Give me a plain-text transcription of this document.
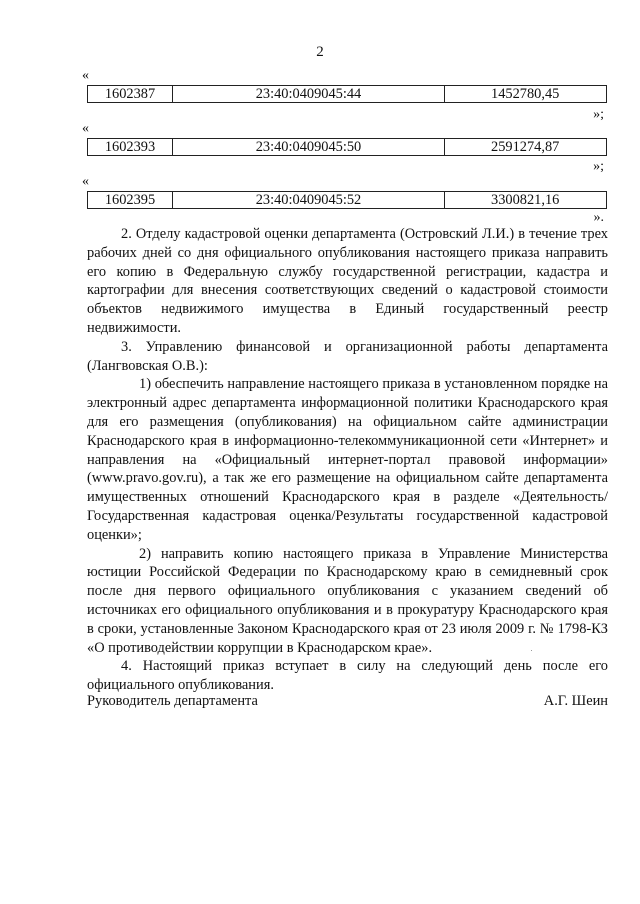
2
«
1602387	23:40:0409045:44	1452780,45
»;
«
1602393	23:40:0409045:50	2591274,87
»;
«
1602395	23:40:0409045:52	3300821,16
».

2. Отделу кадастровой оценки департамента (Островский Л.И.) в течение трех рабочих дней со дня официального опубликования настоящего приказа направить его копию в Федеральную службу государственной регистрации, кадастра и картографии для внесения соответствующих сведений о кадастровой стоимости объектов недвижимого имущества в Единый государственный реестр недвижимости.

3. Управлению финансовой и организационной работы департамента (Лангвовская О.В.):

1) обеспечить направление настоящего приказа в установленном порядке на электронный адрес департамента информационной политики Краснодарского края для его размещения (опубликования) на официальном сайте администрации Краснодарского края в информационно-телекоммуникационной сети «Интернет» и направления на «Официальный интернет-портал правовой информации» (www.pravo.gov.ru), а так же его размещение на официальном сайте департамента имущественных отношений Краснодарского края в разделе «Деятельность/Государственная кадастровая оценка/Результаты государственной кадастровой оценки»;

2) направить копию настоящего приказа в Управление Министерства юстиции Российской Федерации по Краснодарскому краю в семидневный срок после дня первого официального опубликования с указанием сведений об источниках его официального опубликования и в прокуратуру Краснодарского края в сроки, установленные Законом Краснодарского края от 23 июля 2009 г. № 1798-КЗ «О противодействии коррупции в Краснодарском крае».

4. Настоящий приказ вступает в силу на следующий день после его официального опубликования.

Руководитель департамента	А.Г. Шеин
